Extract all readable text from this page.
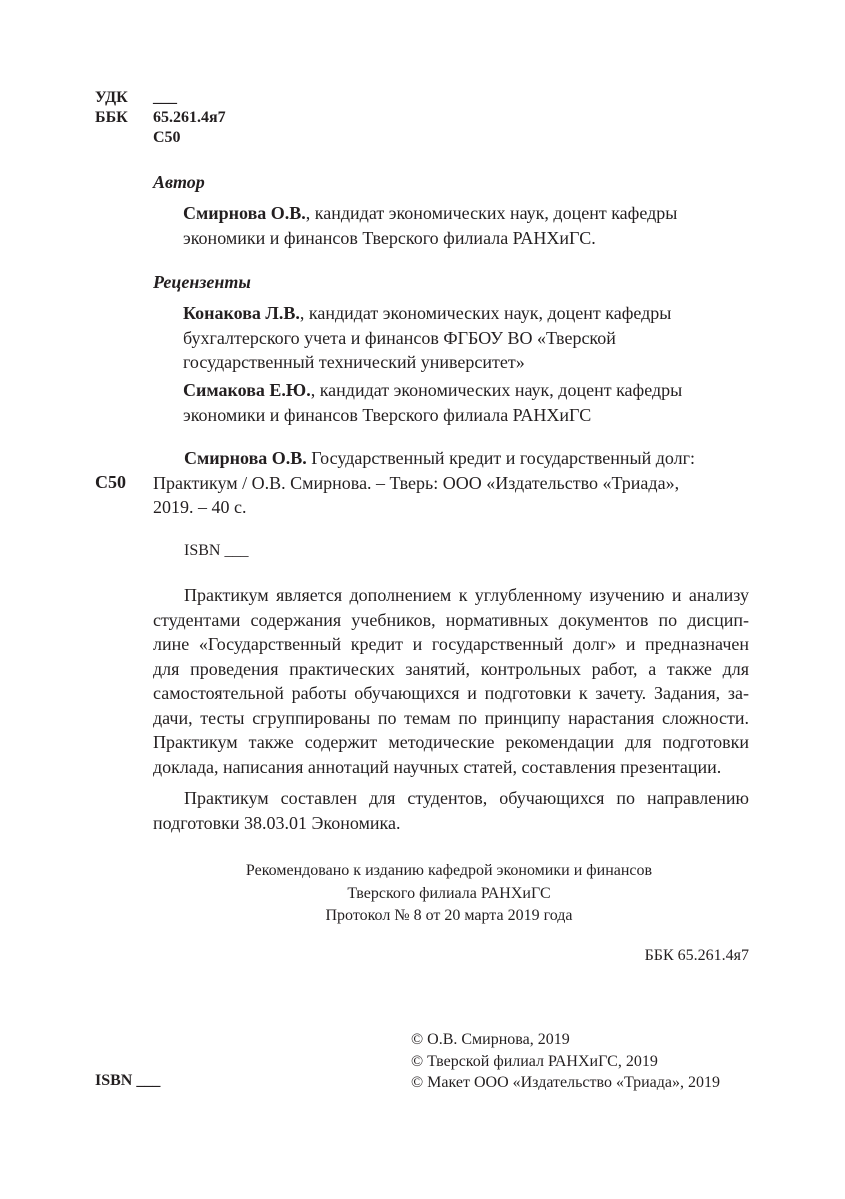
УДК ___
ББК 65.261.4я7
С50
Автор
Смирнова О.В., кандидат экономических наук, доцент кафедры
экономики и финансов Тверского филиала РАНХиГС.
Рецензенты
Конакова Л.В., кандидат экономических наук, доцент кафедры
бухгалтерского учета и финансов ФГБОУ ВО «Тверской
государственный технический университет»
Симакова Е.Ю., кандидат экономических наук, доцент кафедры
экономики и финансов Тверского филиала РАНХиГС
С50
Смирнова О.В. Государственный кредит и государственный долг:
Практикум / О.В. Смирнова. – Тверь: ООО «Издательство «Триада»,
2019. – 40 с.
ISBN ___
Практикум является дополнением к углубленному изучению и анализу
студентами содержания учебников, нормативных документов по дисцип-
лине «Государственный кредит и государственный долг» и предназначен
для проведения практических занятий, контрольных работ, а также для
самостоятельной работы обучающихся и подготовки к зачету. Задания, за-
дачи, тесты сгруппированы по темам по принципу нарастания сложности.
Практикум также содержит методические рекомендации для подготовки
доклада, написания аннотаций научных статей, составления презентации.
Практикум составлен для студентов, обучающихся по направлению
подготовки 38.03.01 Экономика.
Рекомендовано к изданию кафедрой экономики и финансов
Тверского филиала РАНХиГС
Протокол № 8 от 20 марта 2019 года
ББК 65.261.4я7
ISBN ___
© О.В. Смирнова, 2019
© Тверской филиал РАНХиГС, 2019
© Макет ООО «Издательство «Триада», 2019
